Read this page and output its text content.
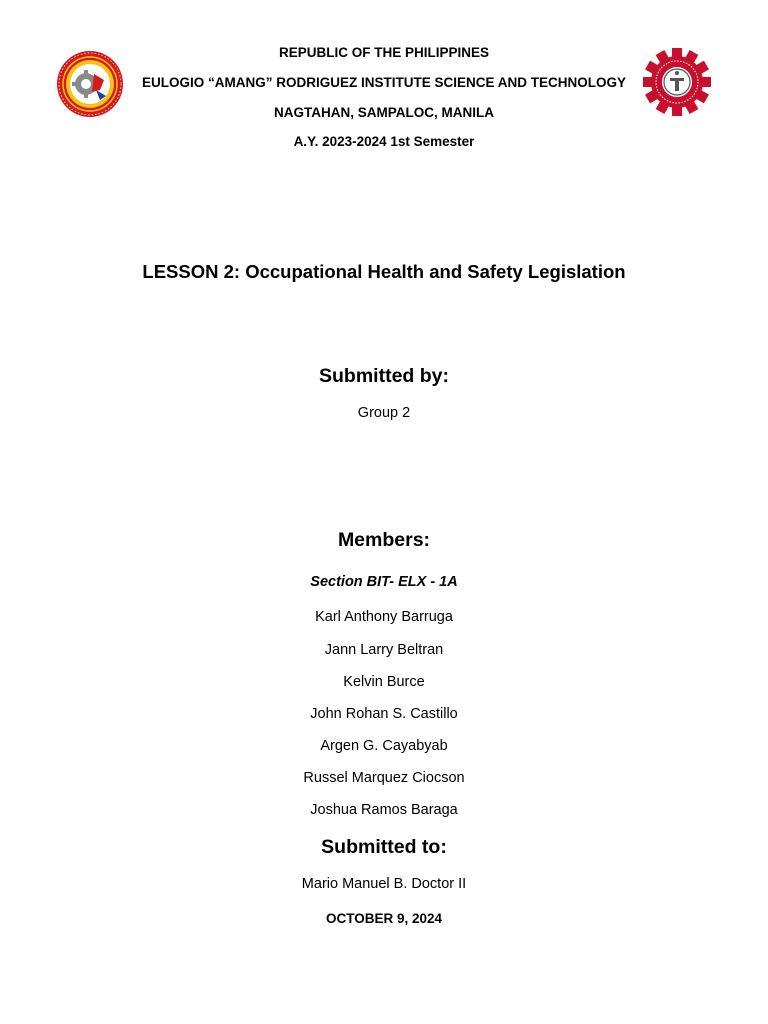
REPUBLIC OF THE PHILIPPINES
EULOGIO “AMANG” RODRIGUEZ INSTITUTE SCIENCE AND TECHNOLOGY
NAGTAHAN, SAMPALOC, MANILA
A.Y. 2023-2024 1st Semester
LESSON 2: Occupational Health and Safety Legislation
Submitted by:
Group 2
Members:
Section BIT- ELX - 1A
Karl Anthony Barruga
Jann Larry Beltran
Kelvin Burce
John Rohan S. Castillo
Argen G. Cayabyab
Russel Marquez Ciocson
Joshua Ramos Baraga
Submitted to:
Mario Manuel B. Doctor II
OCTOBER 9, 2024
